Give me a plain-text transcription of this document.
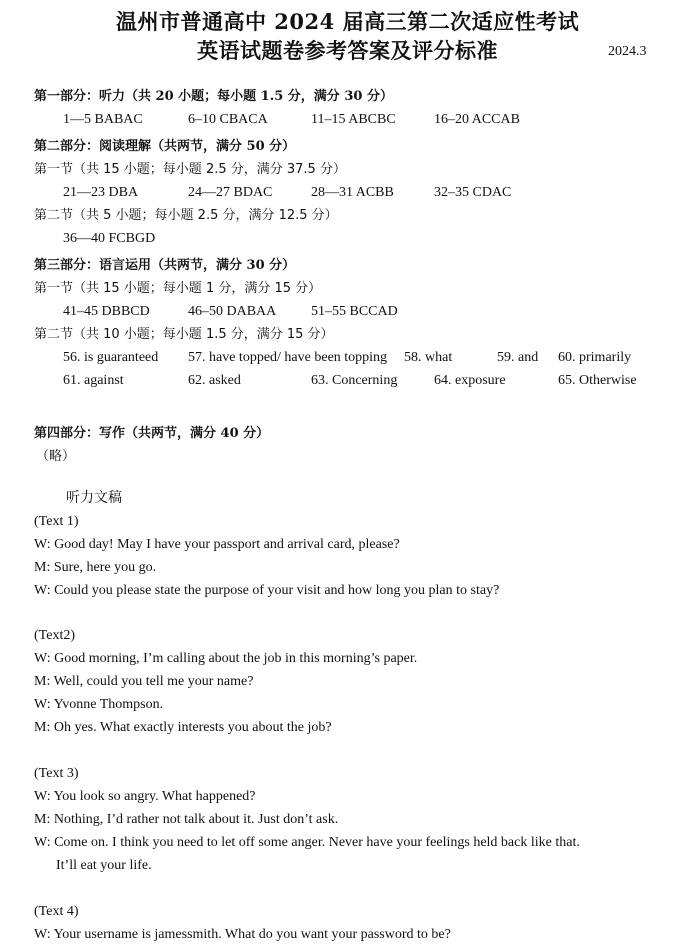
温州市普通高中 2024 届高三第二次适应性考试
英语试题卷参考答案及评分标准	2024.3
第一部分：听力（共 20 小题；每小题 1.5 分，满分 30 分）
1—5 BABAC	6–10 CBACA	11–15 ABCBC	16–20 ACCAB
第二部分：阅读理解（共两节，满分 50 分）
第一节（共 15 小题；每小题 2.5 分，满分 37.5 分）
21—23 DBA	24—27 BDAC	28—31 ACBB	32–35 CDAC
第二节（共 5 小题；每小题 2.5 分，满分 12.5 分）
36—40 FCBGD
第三部分：语言运用（共两节，满分 30 分）
第一节（共 15 小题；每小题 1 分，满分 15 分）
41–45 DBBCD	46–50 DABAA 51–55 BCCAD
第二节（共 10 小题；每小题 1.5 分，满分 15 分）
56. is guaranteed 57. have topped/ have been topping 58. what	59. and 60. primarily
61. against	62. asked	63. Concerning	64. exposure	65. Otherwise
第四部分：写作（共两节，满分 40 分）
（略）
听力文稿
(Text 1)
W: Good day! May I have your passport and arrival card, please?
M: Sure, here you go.
W: Could you please state the purpose of your visit and how long you plan to stay?
(Text2)
W: Good morning, I’m calling about the job in this morning’s paper.
M: Well, could you tell me your name?
W: Yvonne Thompson.
M: Oh yes. What exactly interests you about the job?
(Text 3)
W: You look so angry. What happened?
M: Nothing, I’d rather not talk about it. Just don’t ask.
W: Come on. I think you need to let off some anger. Never have your feelings held back like that.
It’ll eat your life.
(Text 4)
W: Your username is jamessmith. What do you want your password to be?
